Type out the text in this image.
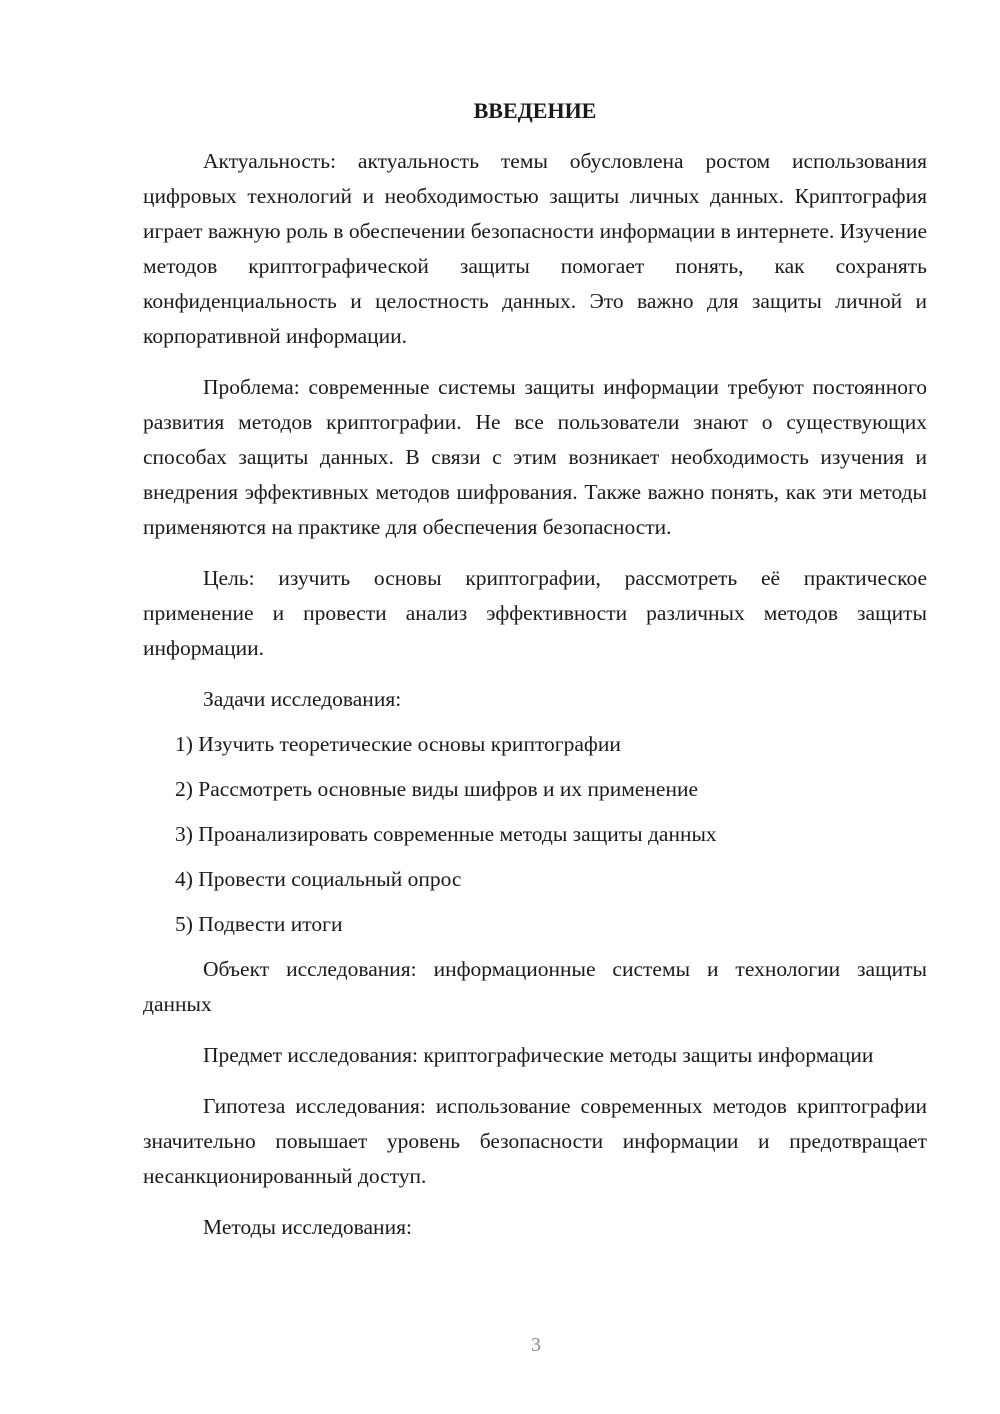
ВВЕДЕНИЕ

Актуальность: актуальность темы обусловлена ростом использования цифровых технологий и необходимостью защиты личных данных. Криптография играет важную роль в обеспечении безопасности информации в интернете. Изучение методов криптографической защиты помогает понять, как сохранять конфиденциальность и целостность данных. Это важно для защиты личной и корпоративной информации.

Проблема: современные системы защиты информации требуют постоянного развития методов криптографии. Не все пользователи знают о существующих способах защиты данных. В связи с этим возникает необходимость изучения и внедрения эффективных методов шифрования. Также важно понять, как эти методы применяются на практике для обеспечения безопасности.

Цель: изучить основы криптографии, рассмотреть её практическое применение и провести анализ эффективности различных методов защиты информации.

Задачи исследования:

1) Изучить теоретические основы криптографии

2) Рассмотреть основные виды шифров и их применение

3) Проанализировать современные методы защиты данных

4) Провести социальный опрос

5) Подвести итоги

Объект исследования: информационные системы и технологии защиты данных

Предмет исследования: криптографические методы защиты информации

Гипотеза исследования: использование современных методов криптографии значительно повышает уровень безопасности информации и предотвращает несанкционированный доступ.

Методы исследования:

3
